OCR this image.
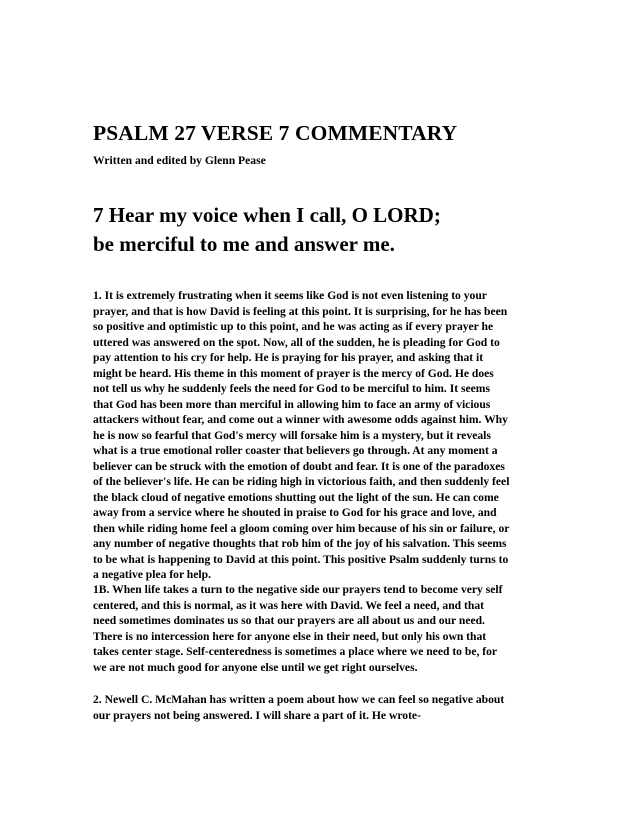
PSALM 27 VERSE 7 COMMENTARY

Written and edited by Glenn Pease

7 Hear my voice when I call, O LORD;
be merciful to me and answer me.

1. It is extremely frustrating when it seems like God is not even listening to your
prayer, and that is how David is feeling at this point. It is surprising, for he has been
so positive and optimistic up to this point, and he was acting as if every prayer he
uttered was answered on the spot. Now, all of the sudden, he is pleading for God to
pay attention to his cry for help. He is praying for his prayer, and asking that it
might be heard. His theme in this moment of prayer is the mercy of God. He does
not tell us why he suddenly feels the need for God to be merciful to him. It seems
that God has been more than merciful in allowing him to face an army of vicious
attackers without fear, and come out a winner with awesome odds against him. Why
he is now so fearful that God's mercy will forsake him is a mystery, but it reveals
what is a true emotional roller coaster that believers go through. At any moment a
believer can be struck with the emotion of doubt and fear. It is one of the paradoxes
of the believer's life. He can be riding high in victorious faith, and then suddenly feel
the black cloud of negative emotions shutting out the light of the sun. He can come
away from a service where he shouted in praise to God for his grace and love, and
then while riding home feel a gloom coming over him because of his sin or failure, or
any number of negative thoughts that rob him of the joy of his salvation. This seems
to be what is happening to David at this point. This positive Psalm suddenly turns to
a negative plea for help.

1B. When life takes a turn to the negative side our prayers tend to become very self
centered, and this is normal, as it was here with David. We feel a need, and that
need sometimes dominates us so that our prayers are all about us and our need.
There is no intercession here for anyone else in their need, but only his own that
takes center stage. Self-centeredness is sometimes a place where we need to be, for
we are not much good for anyone else until we get right ourselves.

2. Newell C. McMahan has written a poem about how we can feel so negative about
our prayers not being answered. I will share a part of it. He wrote-
